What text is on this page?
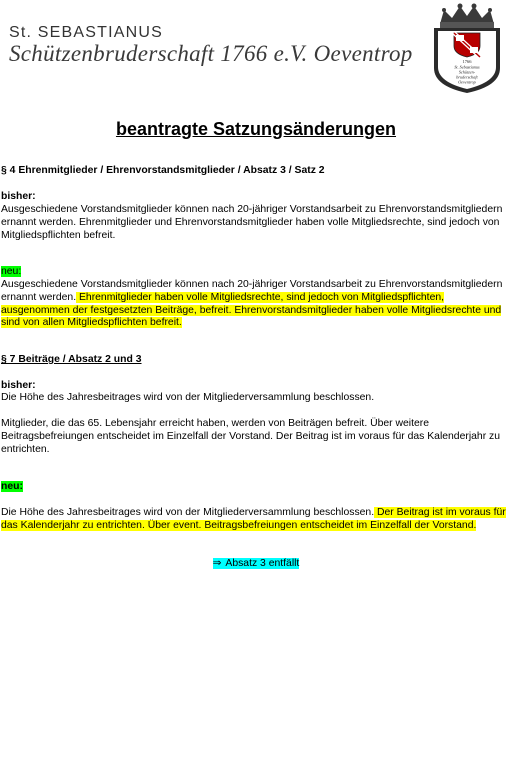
St. SEBASTIANUS
Schützenbruderschaft 1766 e.V. Oeventrop	1766
St. Sebastianus
Schützen-
bruderschaft
Oeventrop
beantragte Satzungsänderungen
§ 4 Ehrenmitglieder / Ehrenvorstandsmitglieder / Absatz 3 / Satz 2
bisher:
Ausgeschiedene Vorstandsmitglieder können nach 20-jähriger Vorstandsarbeit zu Ehrenvorstandsmitgliedern ernannt werden. Ehrenmitglieder und Ehrenvorstandsmitglieder haben volle Mitgliedsrechte, sind jedoch von Mitgliedspflichten befreit.
neu:
Ausgeschiedene Vorstandsmitglieder können nach 20-jähriger Vorstandsarbeit zu Ehrenvorstandsmitgliedern ernannt werden. Ehrenmitglieder haben volle Mitgliedsrechte, sind jedoch von Mitgliedspflichten, ausgenommen der festgesetzten Beiträge, befreit. Ehrenvorstandsmitglieder haben volle Mitgliedsrechte und sind von allen Mitgliedspflichten befreit.
§ 7 Beiträge / Absatz 2 und 3
bisher:
Die Höhe des Jahresbeitrages wird von der Mitgliederversammlung beschlossen.
Mitglieder, die das 65. Lebensjahr erreicht haben, werden von Beiträgen befreit. Über weitere Beitragsbefreiungen entscheidet im Einzelfall der Vorstand. Der Beitrag ist im voraus für das Kalenderjahr zu entrichten.
neu:
Die Höhe des Jahresbeitrages wird von der Mitgliederversammlung beschlossen. Der Beitrag ist im voraus für das Kalenderjahr zu entrichten. Über event. Beitragsbefreiungen entscheidet im Einzelfall der Vorstand.
⇒ Absatz 3 entfällt
